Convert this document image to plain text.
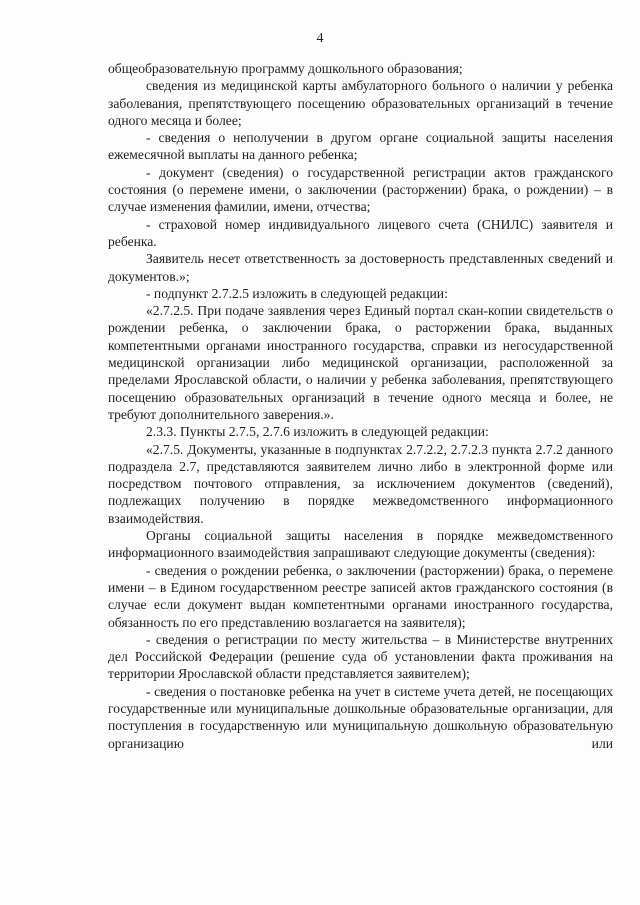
4

общеобразовательную программу дошкольного образования;

сведения из медицинской карты амбулаторного больного о наличии у ребенка заболевания, препятствующего посещению образовательных организаций в течение одного месяца и более;

- сведения о неполучении в другом органе социальной защиты населения ежемесячной выплаты на данного ребенка;

- документ (сведения) о государственной регистрации актов гражданского состояния (о перемене имени, о заключении (расторжении) брака, о рождении) – в случае изменения фамилии, имени, отчества;

- страховой номер индивидуального лицевого счета (СНИЛС) заявителя и ребенка.

Заявитель несет ответственность за достоверность представленных сведений и документов.»;

- подпункт 2.7.2.5 изложить в следующей редакции:

«2.7.2.5. При подаче заявления через Единый портал скан-копии свидетельств о рождении ребенка, о заключении брака, о расторжении брака, выданных компетентными органами иностранного государства, справки из негосударственной медицинской организации либо медицинской организации, расположенной за пределами Ярославской области, о наличии у ребенка заболевания, препятствующего посещению образовательных организаций в течение одного месяца и более, не требуют дополнительного заверения.».

2.3.3. Пункты 2.7.5, 2.7.6 изложить в следующей редакции:

«2.7.5. Документы, указанные в подпунктах 2.7.2.2, 2.7.2.3 пункта 2.7.2 данного подраздела 2.7, представляются заявителем лично либо в электронной форме или посредством почтового отправления, за исключением документов (сведений), подлежащих получению в порядке межведомственного информационного взаимодействия.

Органы социальной защиты населения в порядке межведомственного информационного взаимодействия запрашивают следующие документы (сведения):

- сведения о рождении ребенка, о заключении (расторжении) брака, о перемене имени – в Едином государственном реестре записей актов гражданского состояния (в случае если документ выдан компетентными органами иностранного государства, обязанность по его представлению возлагается на заявителя);

- сведения о регистрации по месту жительства – в Министерстве внутренних дел Российской Федерации (решение суда об установлении факта проживания на территории Ярославской области представляется заявителем);

- сведения о постановке ребенка на учет в системе учета детей, не посещающих государственные или муниципальные дошкольные образовательные организации, для поступления в государственную или муниципальную дошкольную образовательную организацию или
